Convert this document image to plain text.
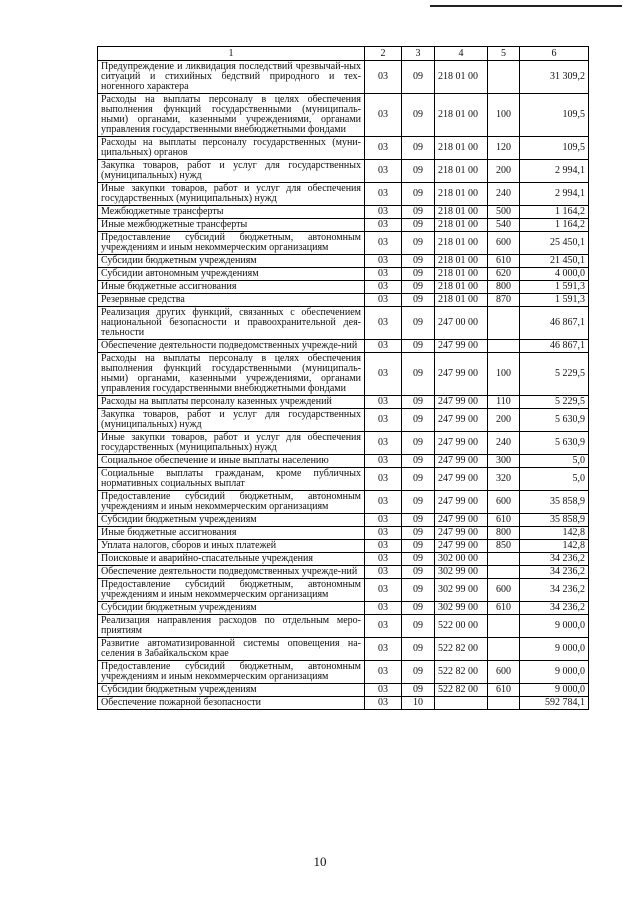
1	2	3	4	5	6
Предупреждение и ликвидация последствий чрезвычай-ных ситуаций и стихийных бедствий природного и тех-ногенного характера	03	09	218 01 00		31 309,2
Расходы на выплаты персоналу в целях обеспечения выполнения функций государственными (муниципаль-ными) органами, казенными учреждениями, органами управления государственными внебюджетными фондами	03	09	218 01 00	100	109,5
Расходы на выплаты персоналу государственных (муни-ципальных) органов	03	09	218 01 00	120	109,5
Закупка товаров, работ и услуг для государственных (муниципальных) нужд	03	09	218 01 00	200	2 994,1
Иные закупки товаров, работ и услуг для обеспечения государственных (муниципальных) нужд	03	09	218 01 00	240	2 994,1
Межбюджетные трансферты	03	09	218 01 00	500	1 164,2
Иные межбюджетные трансферты	03	09	218 01 00	540	1 164,2
Предоставление субсидий бюджетным, автономным учреждениям и иным некоммерческим организациям	03	09	218 01 00	600	25 450,1
Субсидии бюджетным учреждениям	03	09	218 01 00	610	21 450,1
Субсидии автономным учреждениям	03	09	218 01 00	620	4 000,0
Иные бюджетные ассигнования	03	09	218 01 00	800	1 591,3
Резервные средства	03	09	218 01 00	870	1 591,3
Реализация других функций, связанных с обеспечением национальной безопасности и правоохранительной дея-тельности	03	09	247 00 00		46 867,1
Обеспечение деятельности подведомственных учрежде-ний	03	09	247 99 00		46 867,1
Расходы на выплаты персоналу в целях обеспечения выполнения функций государственными (муниципаль-ными) органами, казенными учреждениями, органами управления государственными внебюджетными фондами	03	09	247 99 00	100	5 229,5
Расходы на выплаты персоналу казенных учреждений	03	09	247 99 00	110	5 229,5
Закупка товаров, работ и услуг для государственных (муниципальных) нужд	03	09	247 99 00	200	5 630,9
Иные закупки товаров, работ и услуг для обеспечения государственных (муниципальных) нужд	03	09	247 99 00	240	5 630,9
Социальное обеспечение и иные выплаты населению	03	09	247 99 00	300	5,0
Социальные выплаты гражданам, кроме публичных нормативных социальных выплат	03	09	247 99 00	320	5,0
Предоставление субсидий бюджетным, автономным учреждениям и иным некоммерческим организациям	03	09	247 99 00	600	35 858,9
Субсидии бюджетным учреждениям	03	09	247 99 00	610	35 858,9
Иные бюджетные ассигнования	03	09	247 99 00	800	142,8
Уплата налогов, сборов и иных платежей	03	09	247 99 00	850	142,8
Поисковые и аварийно-спасательные учреждения	03	09	302 00 00		34 236,2
Обеспечение деятельности подведомственных учрежде-ний	03	09	302 99 00		34 236,2
Предоставление субсидий бюджетным, автономным учреждениям и иным некоммерческим организациям	03	09	302 99 00	600	34 236,2
Субсидии бюджетным учреждениям	03	09	302 99 00	610	34 236,2
Реализация направления расходов по отдельным меро-приятиям	03	09	522 00 00		9 000,0
Развитие автоматизированной системы оповещения на-селения в Забайкальском крае	03	09	522 82 00		9 000,0
Предоставление субсидий бюджетным, автономным учреждениям и иным некоммерческим организациям	03	09	522 82 00	600	9 000,0
Субсидии бюджетным учреждениям	03	09	522 82 00	610	9 000,0
Обеспечение пожарной безопасности	03	10			592 784,1
10
